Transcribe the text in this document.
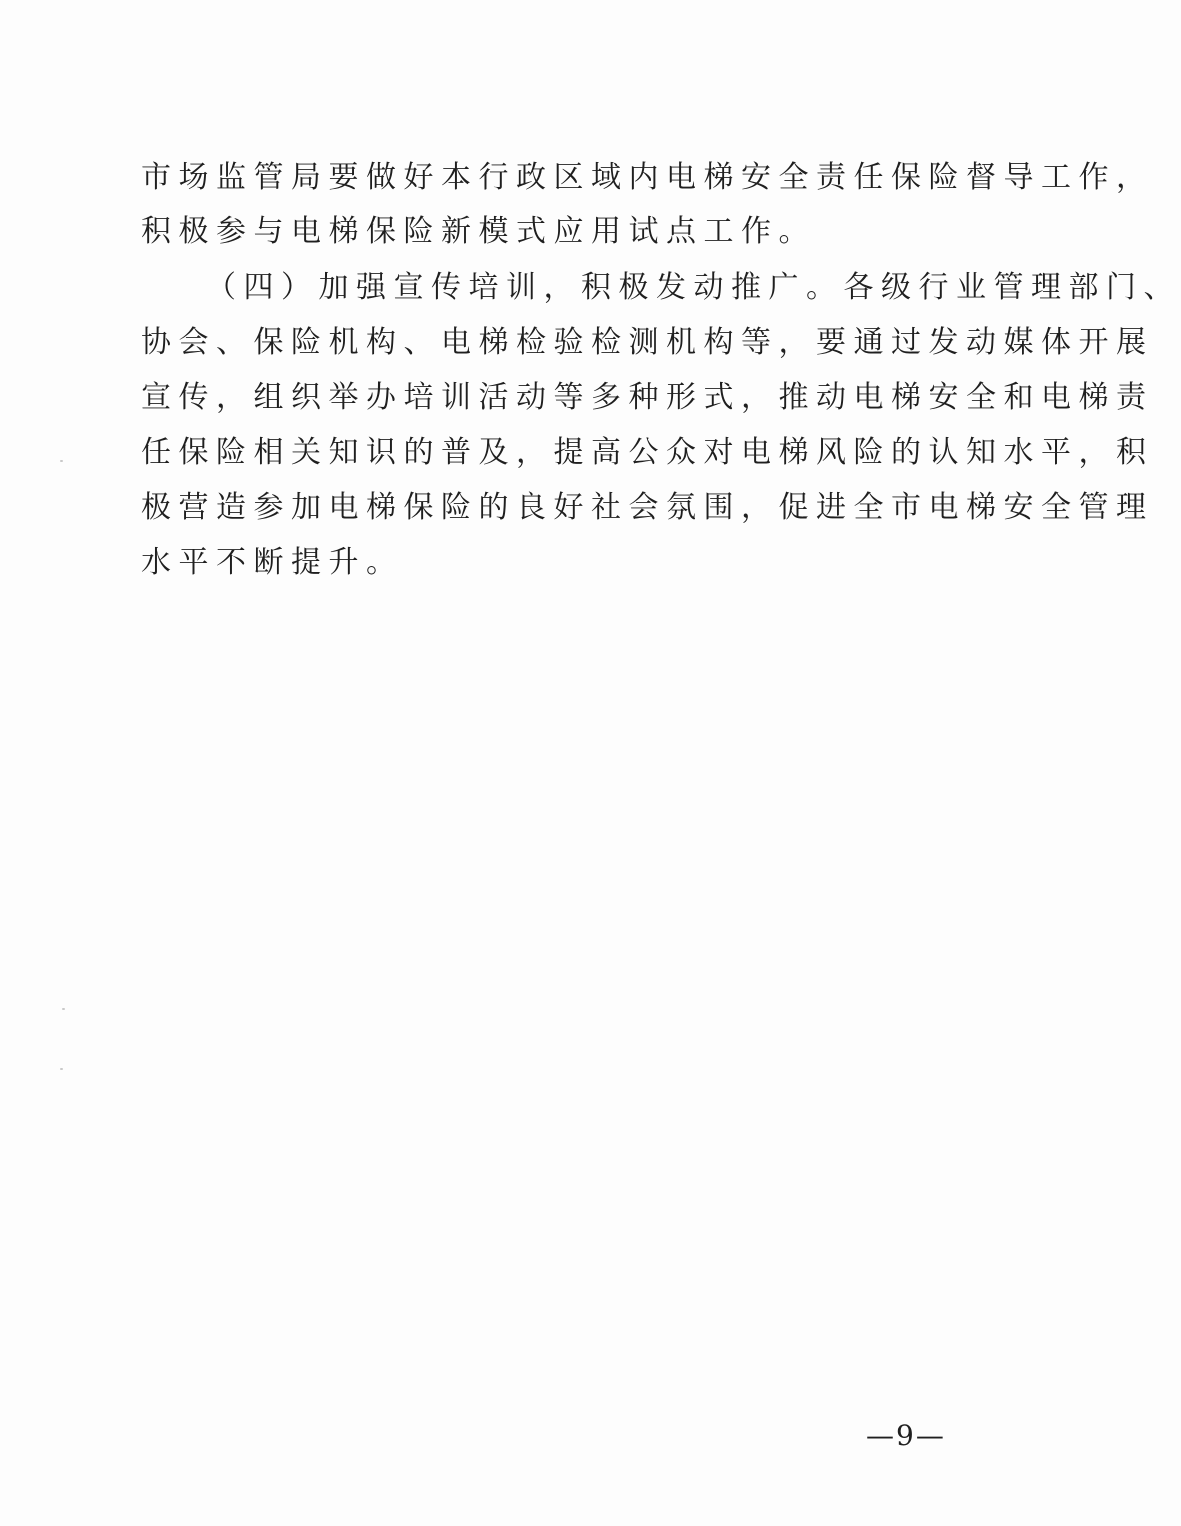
市场监管局要做好本行政区域内电梯安全责任保险督导工作，
积极参与电梯保险新模式应用试点工作。
（四）加强宣传培训，积极发动推广。各级行业管理部门、
协会、保险机构、电梯检验检测机构等，要通过发动媒体开展
宣传，组织举办培训活动等多种形式，推动电梯安全和电梯责
任保险相关知识的普及，提高公众对电梯风险的认知水平，积
极营造参加电梯保险的良好社会氛围，促进全市电梯安全管理
水平不断提升。
—9—
